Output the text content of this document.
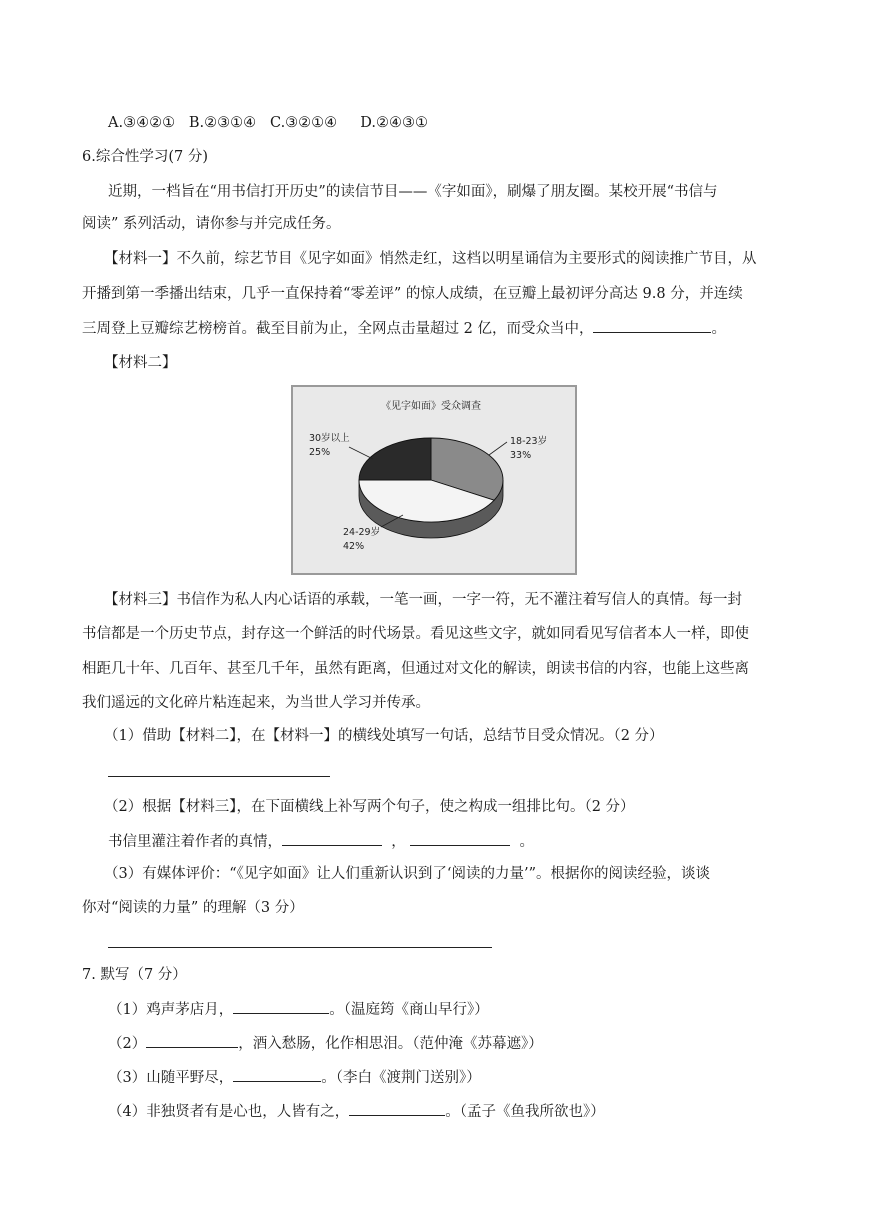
A.③④②① B.②③①④ C.③②①④ D.②④③①
6.综合性学习(7 分)
近期，一档旨在“用书信打开历史”的读信节目——《字如面》，刷爆了朋友圈。某校开展“书信与
阅读” 系列活动，请你参与并完成任务。
【材料一】不久前，综艺节目《见字如面》悄然走红，这档以明星诵信为主要形式的阅读推广节目，从
开播到第一季播出结束，几乎一直保持着“零差评” 的惊人成绩，在豆瓣上最初评分高达 9.8 分，并连续
三周登上豆瓣综艺榜榜首。截至目前为止，全网点击量超过 2 亿，而受众当中，	。
【材料二】
《见字如面》受众调查
18-23岁
33%
24-29岁
42%
30岁以上
25%
【材料三】书信作为私人内心话语的承载，一笔一画，一字一符，无不灌注着写信人的真情。每一封
书信都是一个历史节点，封存这一个鲜活的时代场景。看见这些文字，就如同看见写信者本人一样，即使
相距几十年、几百年、甚至几千年，虽然有距离，但通过对文化的解读，朗读书信的内容，也能上这些离
我们遥远的文化碎片粘连起来，为当世人学习并传承。
（1）借助【材料二】，在【材料一】的横线处填写一句话，总结节目受众情况。（2 分）
（2）根据【材料三】，在下面横线上补写两个句子，使之构成一组排比句。（2 分）
书信里灌注着作者的真情，	，	。
（3）有媒体评价：“《见字如面》让人们重新认识到了‘阅读的力量’”。根据你的阅读经验，谈谈
你对“阅读的力量” 的理解（3 分）
7. 默写（7 分）
（1）鸡声茅店月，	。（温庭筠《商山早行》）
（2）	，酒入愁肠，化作相思泪。（范仲淹《苏幕遮》）
（3）山随平野尽，	。（李白《渡荆门送别》）
（4）非独贤者有是心也，人皆有之，	。（孟子《鱼我所欲也》）
